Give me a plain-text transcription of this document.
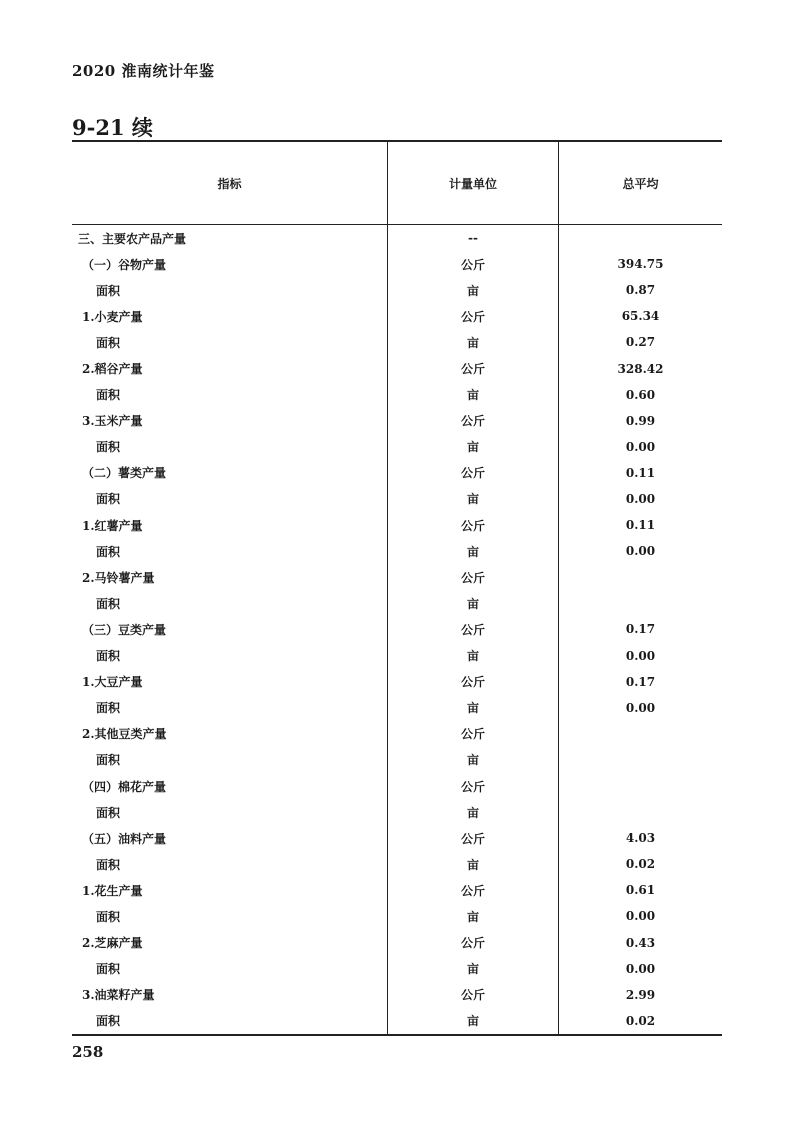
2020 淮南统计年鉴
9-21 续
指标	计量单位	总平均
三、主要农产品产量	--	
（一）谷物产量	公斤	394.75
面积	亩	0.87
1.小麦产量	公斤	65.34
面积	亩	0.27
2.稻谷产量	公斤	328.42
面积	亩	0.60
3.玉米产量	公斤	0.99
面积	亩	0.00
（二）薯类产量	公斤	0.11
面积	亩	0.00
1.红薯产量	公斤	0.11
面积	亩	0.00
2.马铃薯产量	公斤	
面积	亩	
（三）豆类产量	公斤	0.17
面积	亩	0.00
1.大豆产量	公斤	0.17
面积	亩	0.00
2.其他豆类产量	公斤	
面积	亩	
（四）棉花产量	公斤	
面积	亩	
（五）油料产量	公斤	4.03
面积	亩	0.02
1.花生产量	公斤	0.61
面积	亩	0.00
2.芝麻产量	公斤	0.43
面积	亩	0.00
3.油菜籽产量	公斤	2.99
面积	亩	0.02
258
